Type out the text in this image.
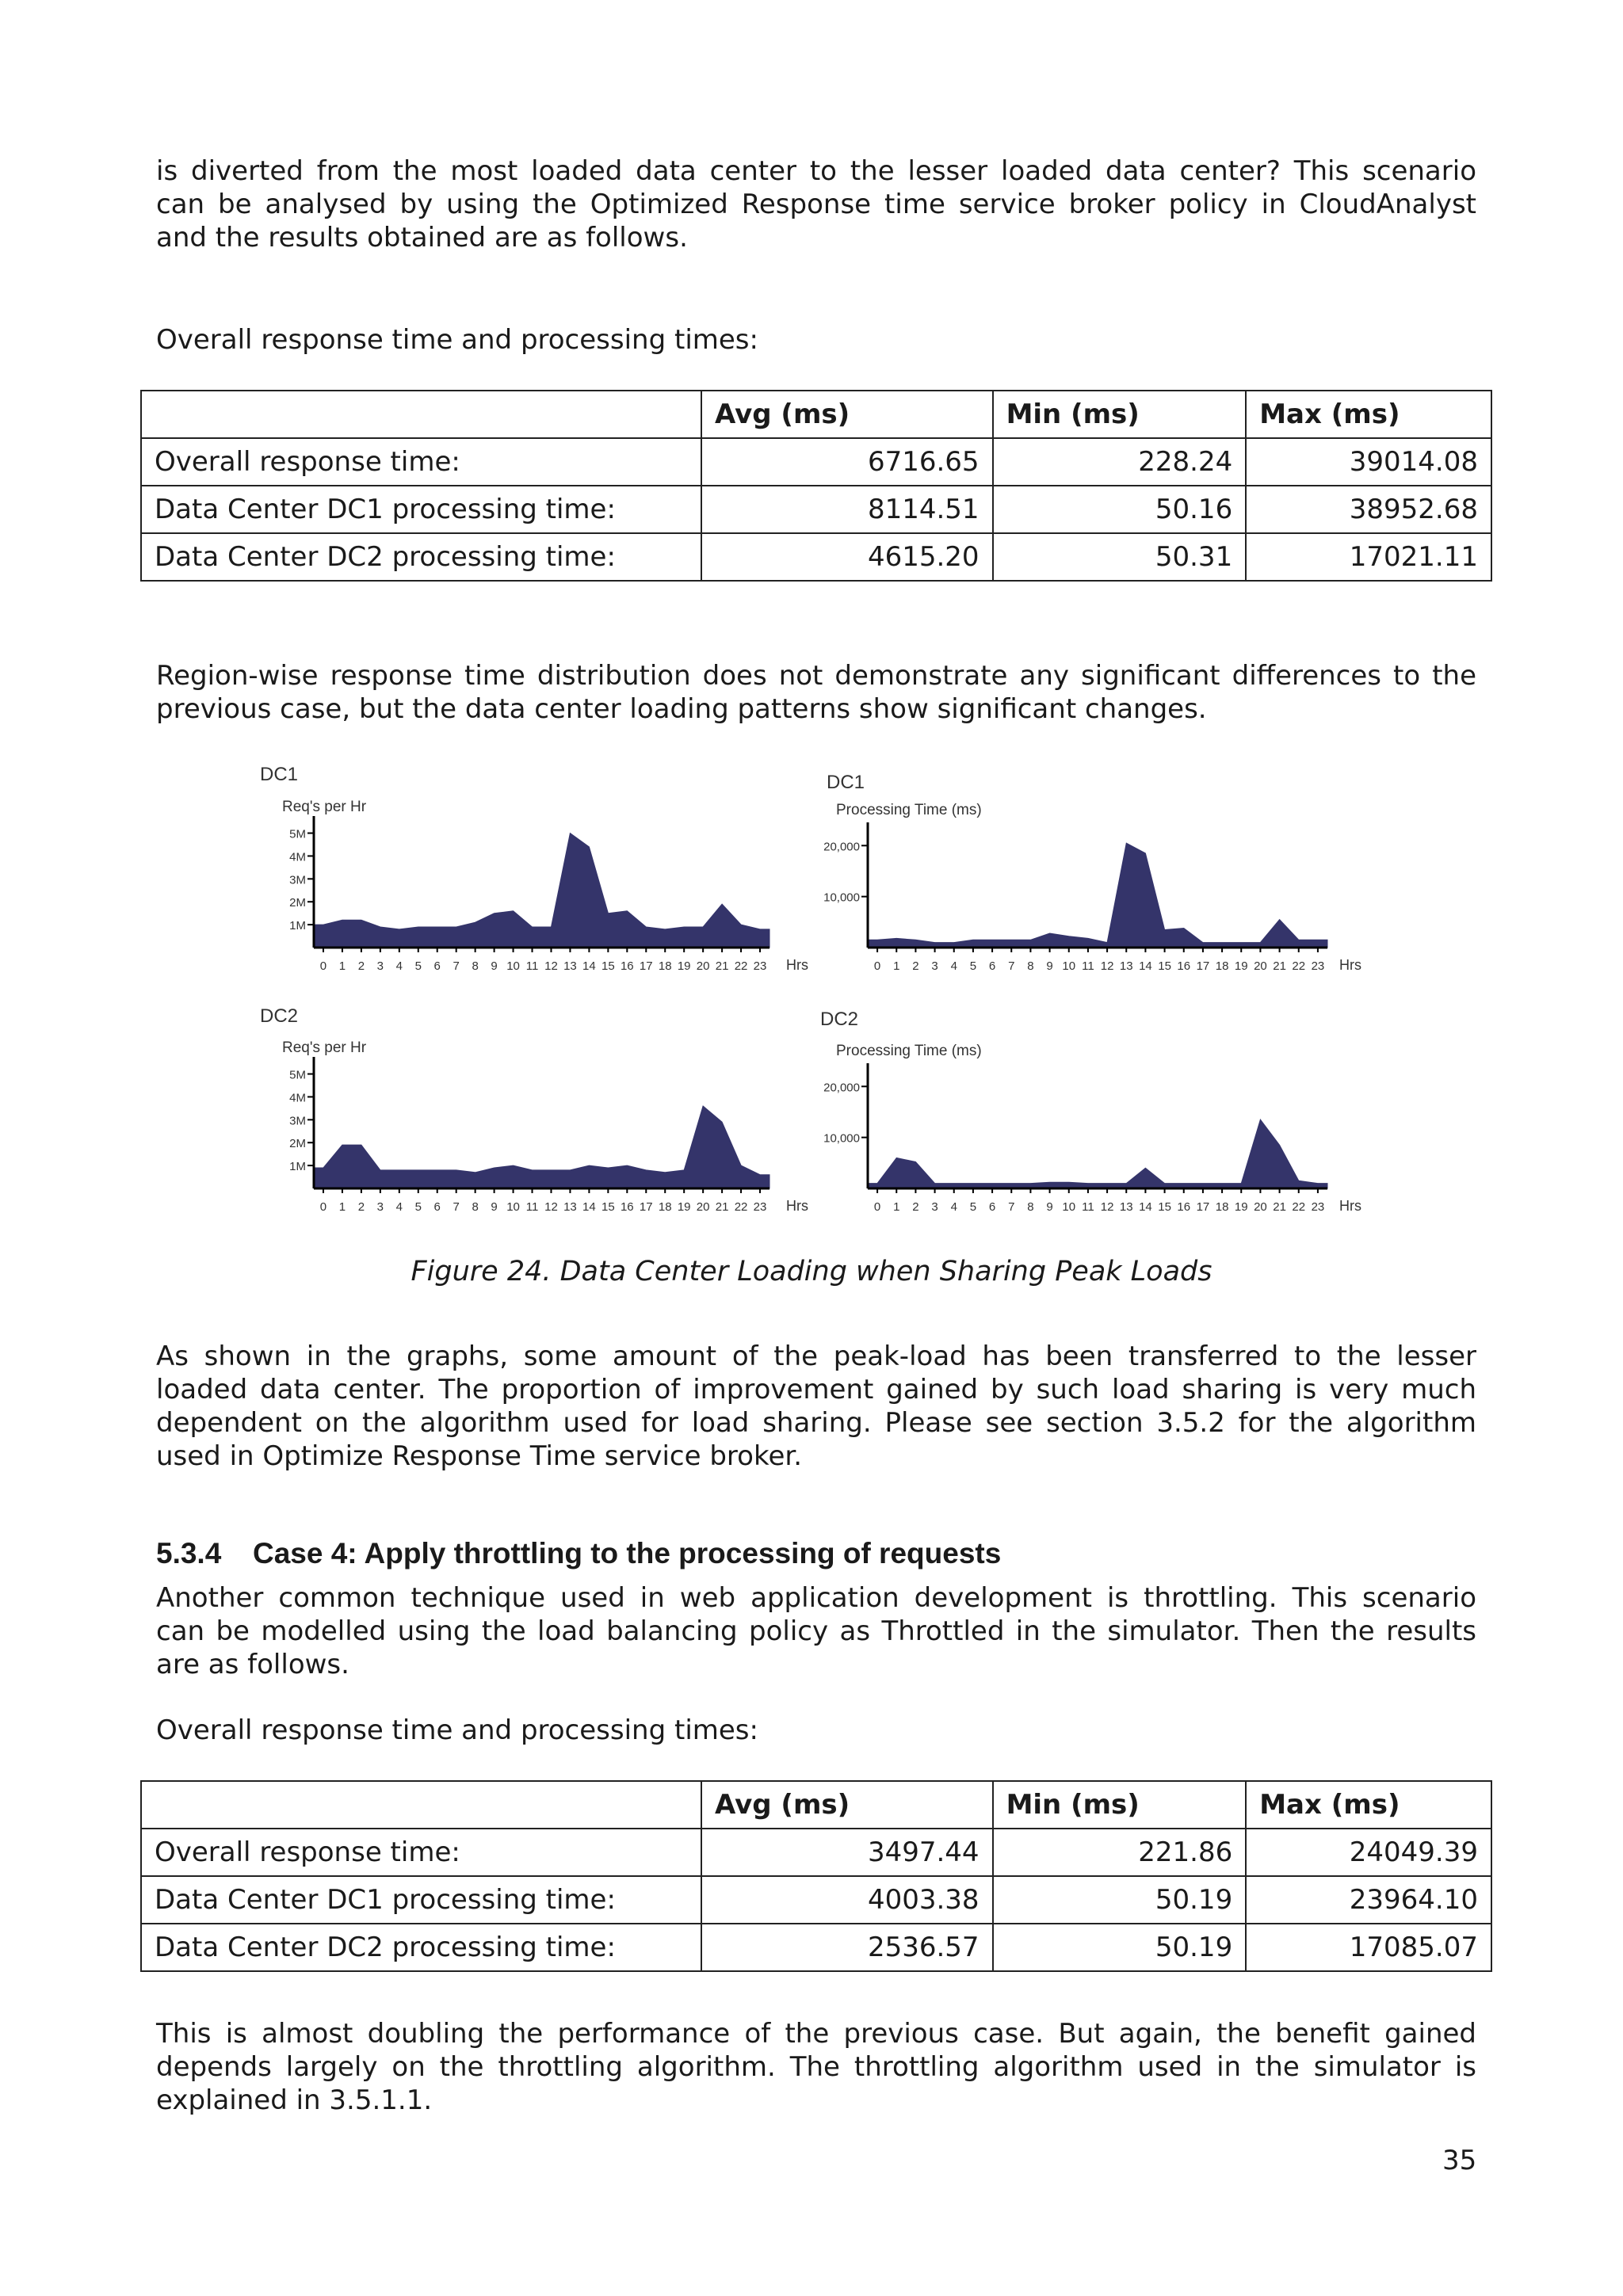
is diverted from the most loaded data center to the lesser loaded data center? This scenario
can be analysed by using the Optimized Response time service broker policy in CloudAnalyst
and the results obtained are as follows.

Overall response time and processing times:

	Avg (ms)	Min (ms)	Max (ms)
Overall response time:	6716.65	228.24	39014.08
Data Center DC1 processing time:	8114.51	50.16	38952.68
Data Center DC2 processing time:	4615.20	50.31	17021.11
Region-wise response time distribution does not demonstrate any significant differences to the
previous case, but the data center loading patterns show significant changes.
DC1
Req's per Hr
1M
2M
3M
4M
5M
0 1 2 3 4 5 6 7 8 9 10 11 12 13 14 15 16 17 18 19 20 21 22 23 Hrs
DC1
Processing Time (ms)
10,000
20,000
0 1 2 3 4 5 6 7 8 9 10 11 12 13 14 15 16 17 18 19 20 21 22 23 Hrs
DC2
Req's per Hr
1M
2M
3M
4M
5M
0 1 2 3 4 5 6 7 8 9 10 11 12 13 14 15 16 17 18 19 20 21 22 23 Hrs
DC2
Processing Time (ms)
10,000
20,000
0 1 2 3 4 5 6 7 8 9 10 11 12 13 14 15 16 17 18 19 20 21 22 23 Hrs

Figure 24. Data Center Loading when Sharing Peak Loads

As shown in the graphs, some amount of the peak-load has been transferred to the lesser
loaded data center. The proportion of improvement gained by such load sharing is very much
dependent on the algorithm used for load sharing. Please see section 3.5.2 for the algorithm
used in Optimize Response Time service broker.
5.3.4 Case 4: Apply throttling to the processing of requests
Another common technique used in web application development is throttling. This scenario
can be modelled using the load balancing policy as Throttled in the simulator. Then the results
are as follows.

Overall response time and processing times:

	Avg (ms)	Min (ms)	Max (ms)
Overall response time:	3497.44	221.86	24049.39
Data Center DC1 processing time:	4003.38	50.19	23964.10
Data Center DC2 processing time:	2536.57	50.19	17085.07
This is almost doubling the performance of the previous case. But again, the benefit gained
depends largely on the throttling algorithm. The throttling algorithm used in the simulator is
explained in 3.5.1.1.

35
